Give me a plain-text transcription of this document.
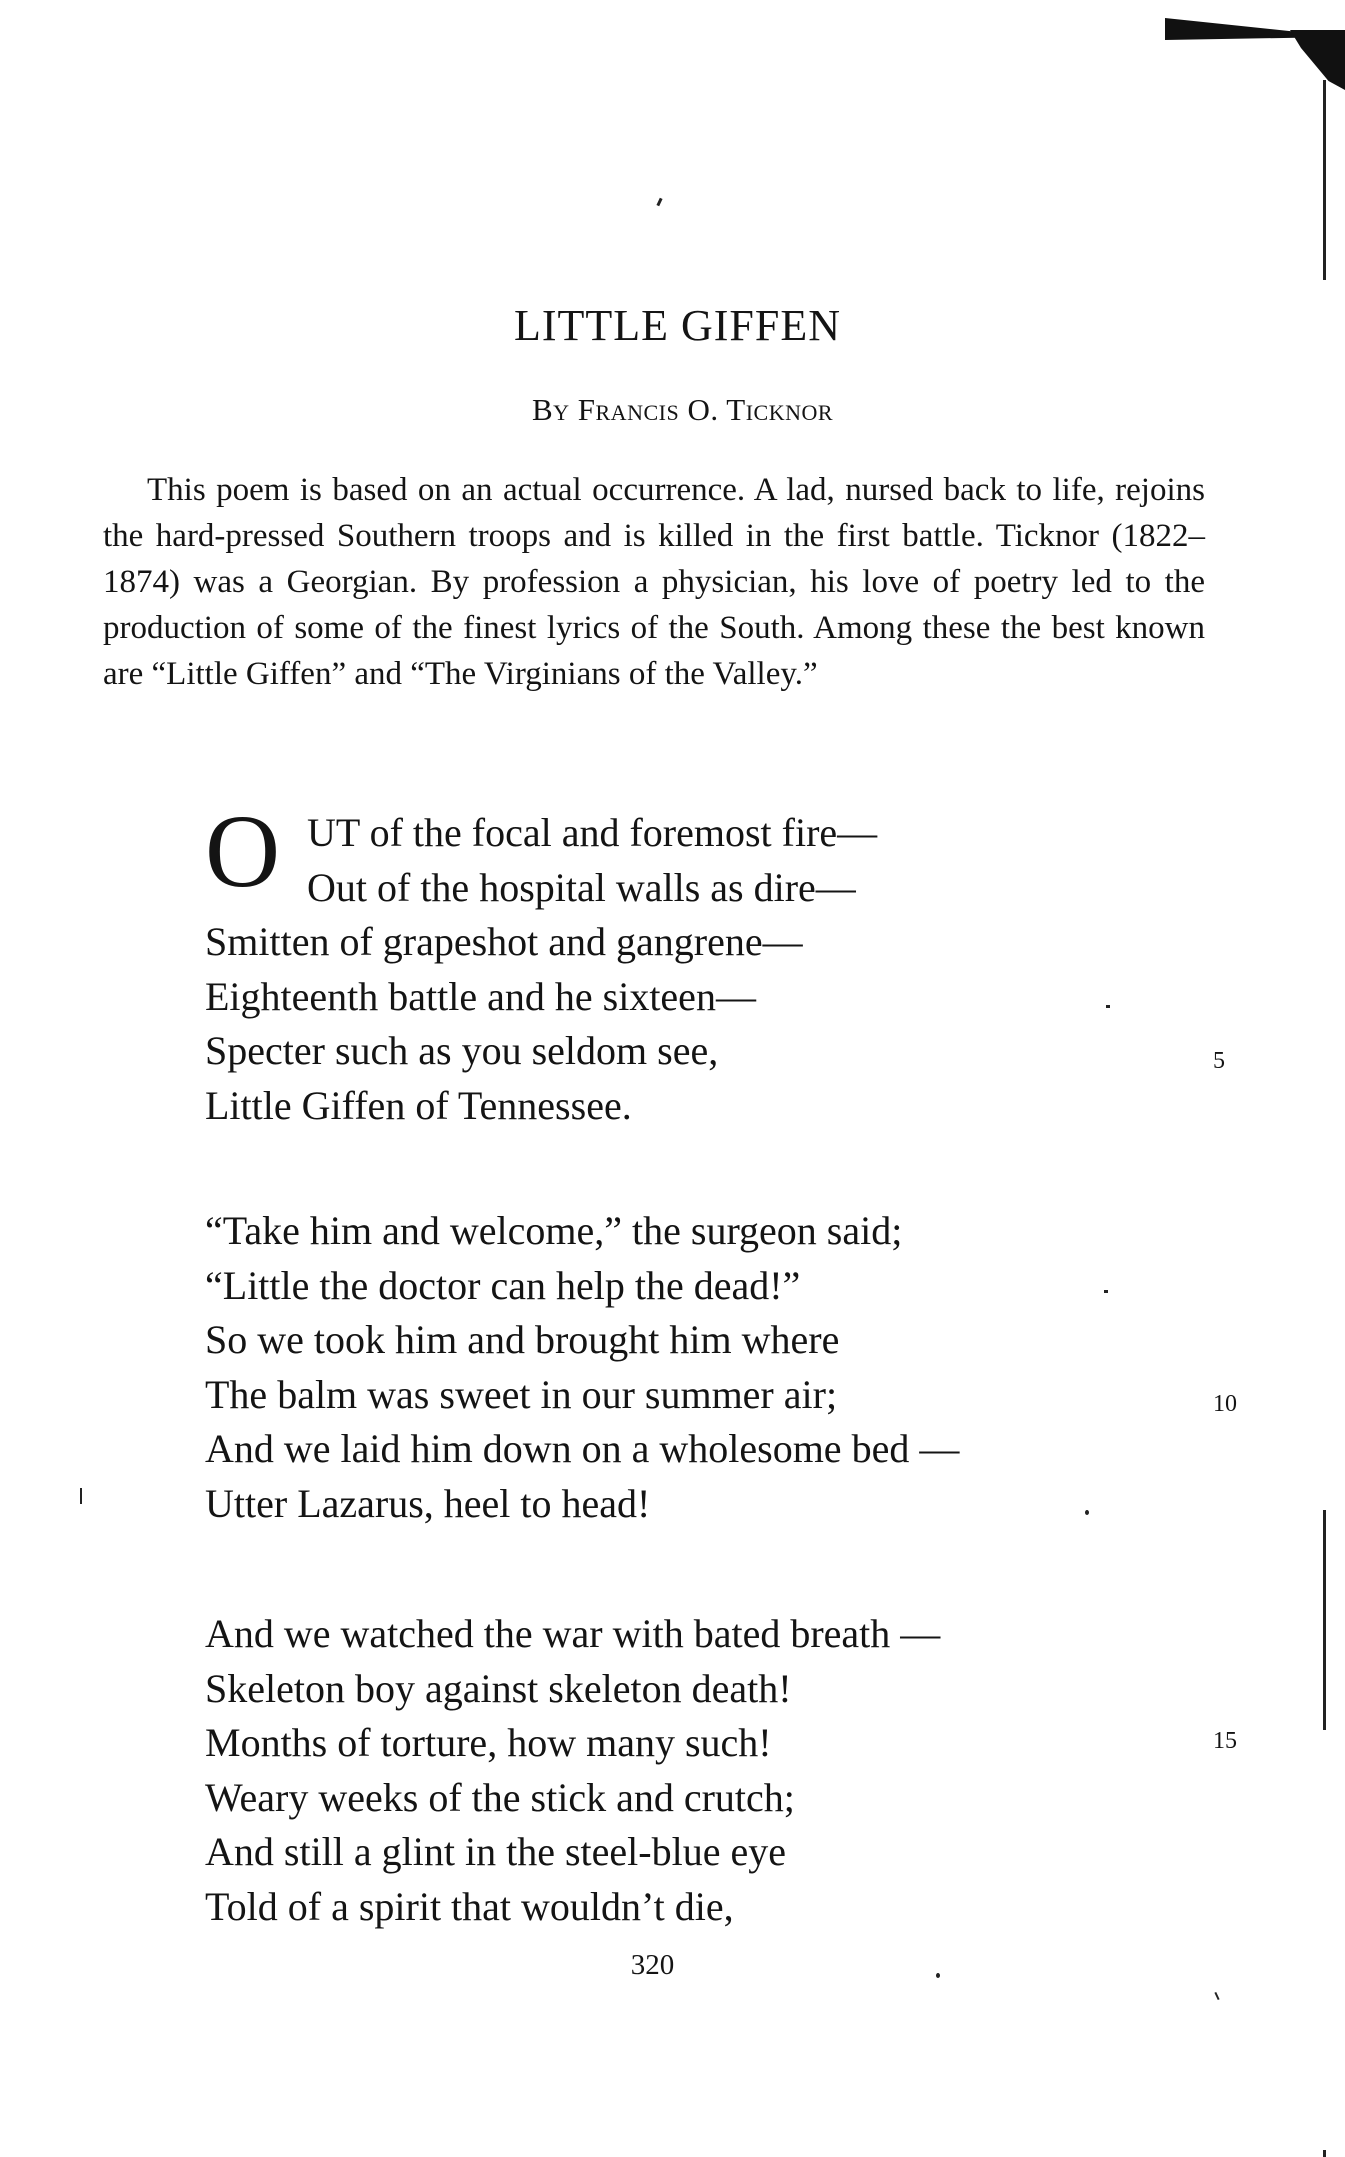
LITTLE GIFFEN
By Francis O. Ticknor

This poem is based on an actual occurrence. A lad, nursed back to life, rejoins the hard-pressed Southern troops and is killed in the first battle. Ticknor (1822–1874) was a Georgian. By profession a physician, his love of poetry led to the production of some of the finest lyrics of the South. Among these the best known are “Little Giffen” and “The Virginians of the Valley.”

O UT of the focal and foremost fire—
Out of the hospital walls as dire—
Smitten of grapeshot and gangrene—
Eighteenth battle and he sixteen—
Specter such as you seldom see,
Little Giffen of Tennessee.
“Take him and welcome,” the surgeon said;
“Little the doctor can help the dead!”
So we took him and brought him where
The balm was sweet in our summer air;
And we laid him down on a wholesome bed —
Utter Lazarus, heel to head!
And we watched the war with bated breath —
Skeleton boy against skeleton death!
Months of torture, how many such!
Weary weeks of the stick and crutch;
And still a glint in the steel-blue eye
Told of a spirit that wouldn’t die,
5
10
15
320
